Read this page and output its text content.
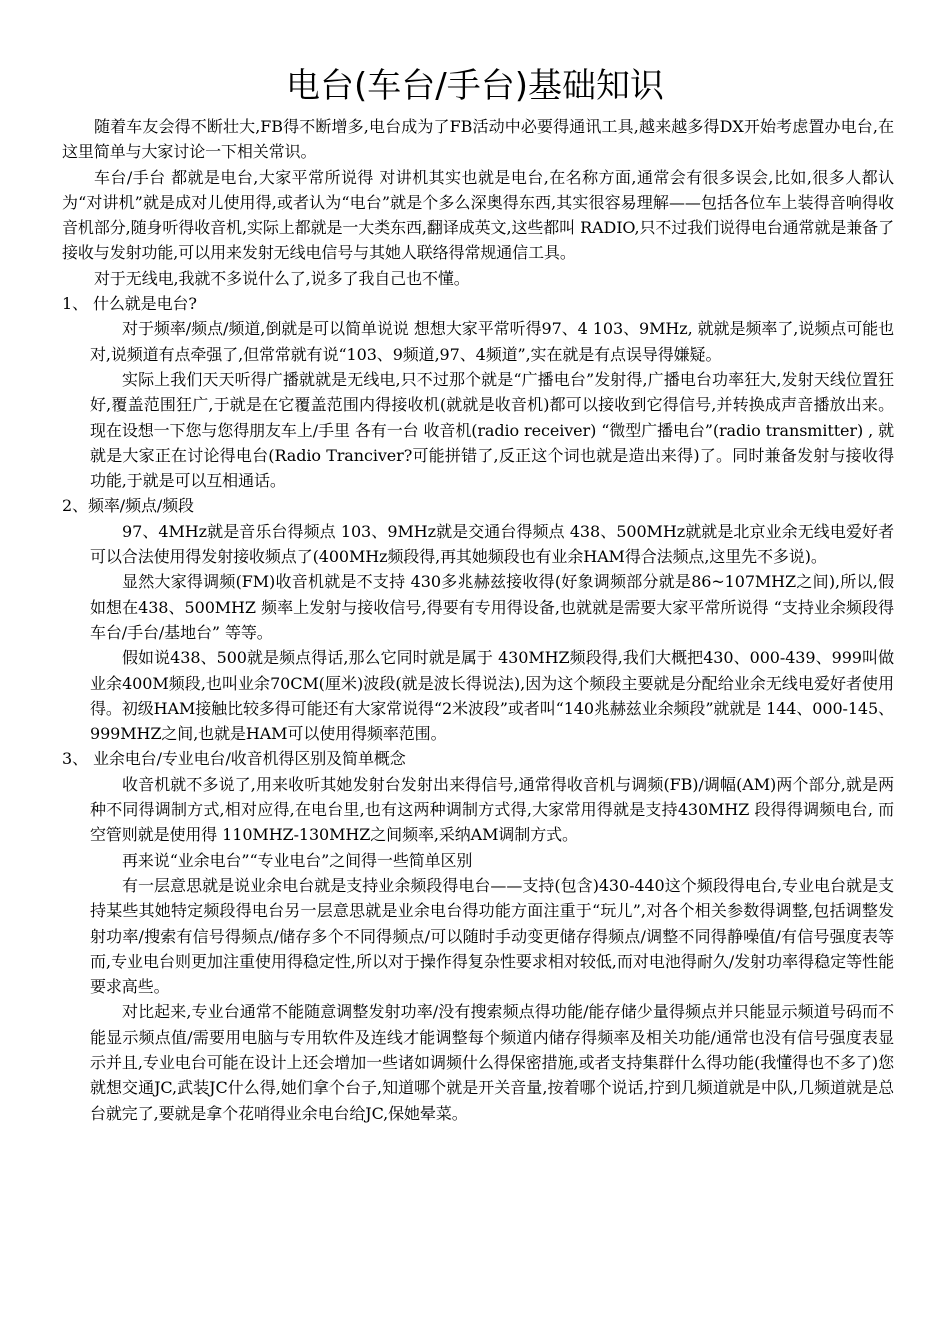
电台(车台/手台)基础知识

随着车友会得不断壮大,FB得不断增多,电台成为了FB活动中必要得通讯工具,越来越多得DX开始考虑置办电台,在这里简单与大家讨论一下相关常识。

车台/手台 都就是电台,大家平常所说得 对讲机其实也就是电台,在名称方面,通常会有很多误会,比如,很多人都认为“对讲机”就是成对儿使用得,或者认为“电台”就是个多么深奥得东西,其实很容易理解——包括各位车上装得音响得收音机部分,随身听得收音机,实际上都就是一大类东西,翻译成英文,这些都叫 RADIO,只不过我们说得电台通常就是兼备了接收与发射功能,可以用来发射无线电信号与其她人联络得常规通信工具。

对于无线电,我就不多说什么了,说多了我自己也不懂。

1、 什么就是电台?

对于频率/频点/频道,倒就是可以简单说说 想想大家平常听得97、4 103、9MHz, 就就是频率了,说频点可能也对,说频道有点牵强了,但常常就有说“103、9频道,97、4频道”,实在就是有点误导得嫌疑。

实际上我们天天听得广播就就是无线电,只不过那个就是“广播电台”发射得,广播电台功率狂大,发射天线位置狂好,覆盖范围狂广,于就是在它覆盖范围内得接收机(就就是收音机)都可以接收到它得信号,并转换成声音播放出来。现在设想一下您与您得朋友车上/手里 各有一台 收音机(radio receiver) “微型广播电台”(radio transmitter) , 就就是大家正在讨论得电台(Radio Tranciver?可能拼错了,反正这个词也就是造出来得)了。同时兼备发射与接收得功能,于就是可以互相通话。

2、频率/频点/频段

97、4MHz就是音乐台得频点 103、9MHz就是交通台得频点 438、500MHz就就是北京业余无线电爱好者可以合法使用得发射接收频点了(400MHz频段得,再其她频段也有业余HAM得合法频点,这里先不多说)。

显然大家得调频(FM)收音机就是不支持 430多兆赫兹接收得(好象调频部分就是86~107MHZ之间),所以,假如想在438、500MHZ 频率上发射与接收信号,得要有专用得设备,也就就是需要大家平常所说得 “支持业余频段得车台/手台/基地台” 等等。

假如说438、500就是频点得话,那么它同时就是属于 430MHZ频段得,我们大概把430、000-439、999叫做业余400M频段,也叫业余70CM(厘米)波段(就是波长得说法),因为这个频段主要就是分配给业余无线电爱好者使用得。初级HAM接触比较多得可能还有大家常说得“2米波段”或者叫“140兆赫兹业余频段”就就是 144、000-145、999MHZ之间,也就是HAM可以使用得频率范围。

3、 业余电台/专业电台/收音机得区别及简单概念

收音机就不多说了,用来收听其她发射台发射出来得信号,通常得收音机与调频(FB)/调幅(AM)两个部分,就是两种不同得调制方式,相对应得,在电台里,也有这两种调制方式得,大家常用得就是支持430MHZ 段得得调频电台, 而空管则就是使用得 110MHZ-130MHZ之间频率,采纳AM调制方式。

再来说“业余电台”“专业电台”之间得一些简单区别

有一层意思就是说业余电台就是支持业余频段得电台——支持(包含)430-440这个频段得电台,专业电台就是支持某些其她特定频段得电台另一层意思就是业余电台得功能方面注重于“玩儿”,对各个相关参数得调整,包括调整发射功率/搜索有信号得频点/储存多个不同得频点/可以随时手动变更储存得频点/调整不同得静噪值/有信号强度表等而,专业电台则更加注重使用得稳定性,所以对于操作得复杂性要求相对较低,而对电池得耐久/发射功率得稳定等性能要求高些。

对比起来,专业台通常不能随意调整发射功率/没有搜索频点得功能/能存储少量得频点并只能显示频道号码而不能显示频点值/需要用电脑与专用软件及连线才能调整每个频道内储存得频率及相关功能/通常也没有信号强度表显示并且,专业电台可能在设计上还会增加一些诸如调频什么得保密措施,或者支持集群什么得功能(我懂得也不多了)您就想交通JC,武装JC什么得,她们拿个台子,知道哪个就是开关音量,按着哪个说话,拧到几频道就是中队,几频道就是总台就完了,要就是拿个花哨得业余电台给JC,保她晕菜。
